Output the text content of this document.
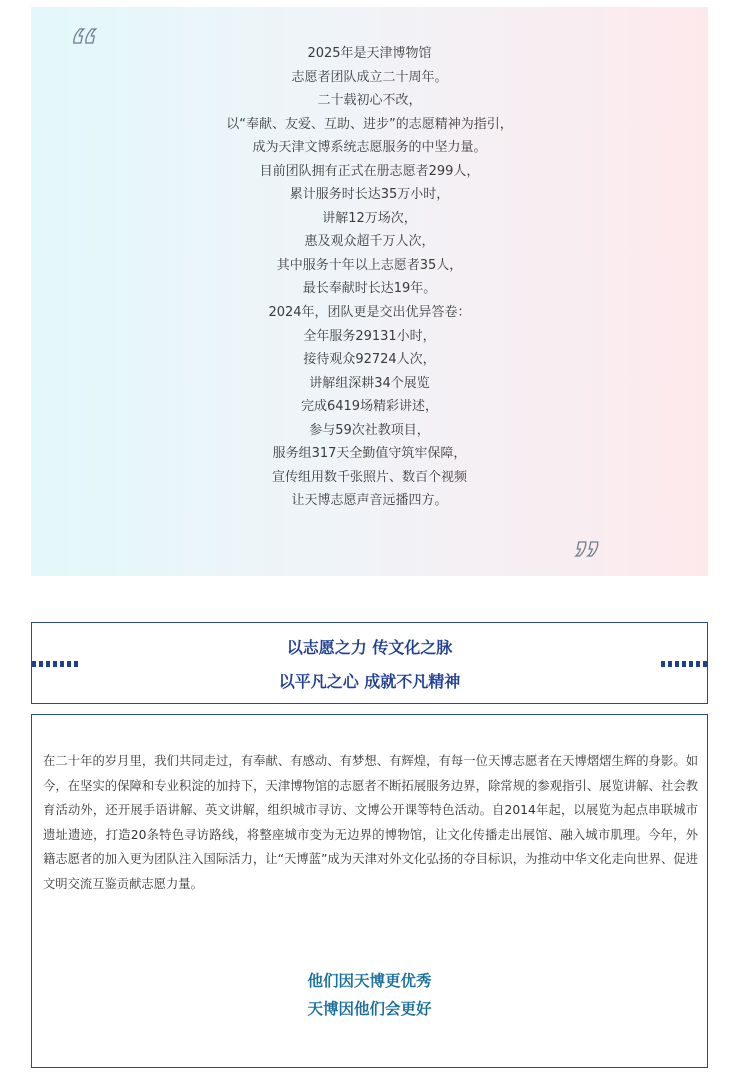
2025年是天津博物馆
志愿者团队成立二十周年。
二十载初心不改，
以“奉献、友爱、互助、进步”的志愿精神为指引，
成为天津文博系统志愿服务的中坚力量。
目前团队拥有正式在册志愿者299人，
累计服务时长达35万小时，
讲解12万场次，
惠及观众超千万人次，
其中服务十年以上志愿者35人，
最长奉献时长达19年。
2024年，团队更是交出优异答卷：
全年服务29131小时，
接待观众92724人次，
讲解组深耕34个展览
完成6419场精彩讲述，
参与59次社教项目，
服务组317天全勤值守筑牢保障，
宣传组用数千张照片、数百个视频
让天博志愿声音远播四方。
以志愿之力 传文化之脉
以平凡之心 成就不凡精神
在二十年的岁月里，我们共同走过，有奉献、有感动、有梦想、有辉煌，有每一位天博志愿者在天博熠熠生辉的身影。如今，在坚实的保障和专业积淀的加持下，天津博物馆的志愿者不断拓展服务边界，除常规的参观指引、展览讲解、社会教育活动外，还开展手语讲解、英文讲解，组织城市寻访、文博公开课等特色活动。自2014年起，以展览为起点串联城市遗址遗迹，打造20条特色寻访路线，将整座城市变为无边界的博物馆，让文化传播走出展馆、融入城市肌理。今年，外籍志愿者的加入更为团队注入国际活力，让“天博蓝”成为天津对外文化弘扬的夺目标识，为推动中华文化走向世界、促进文明交流互鉴贡献志愿力量。
他们因天博更优秀
天博因他们会更好
